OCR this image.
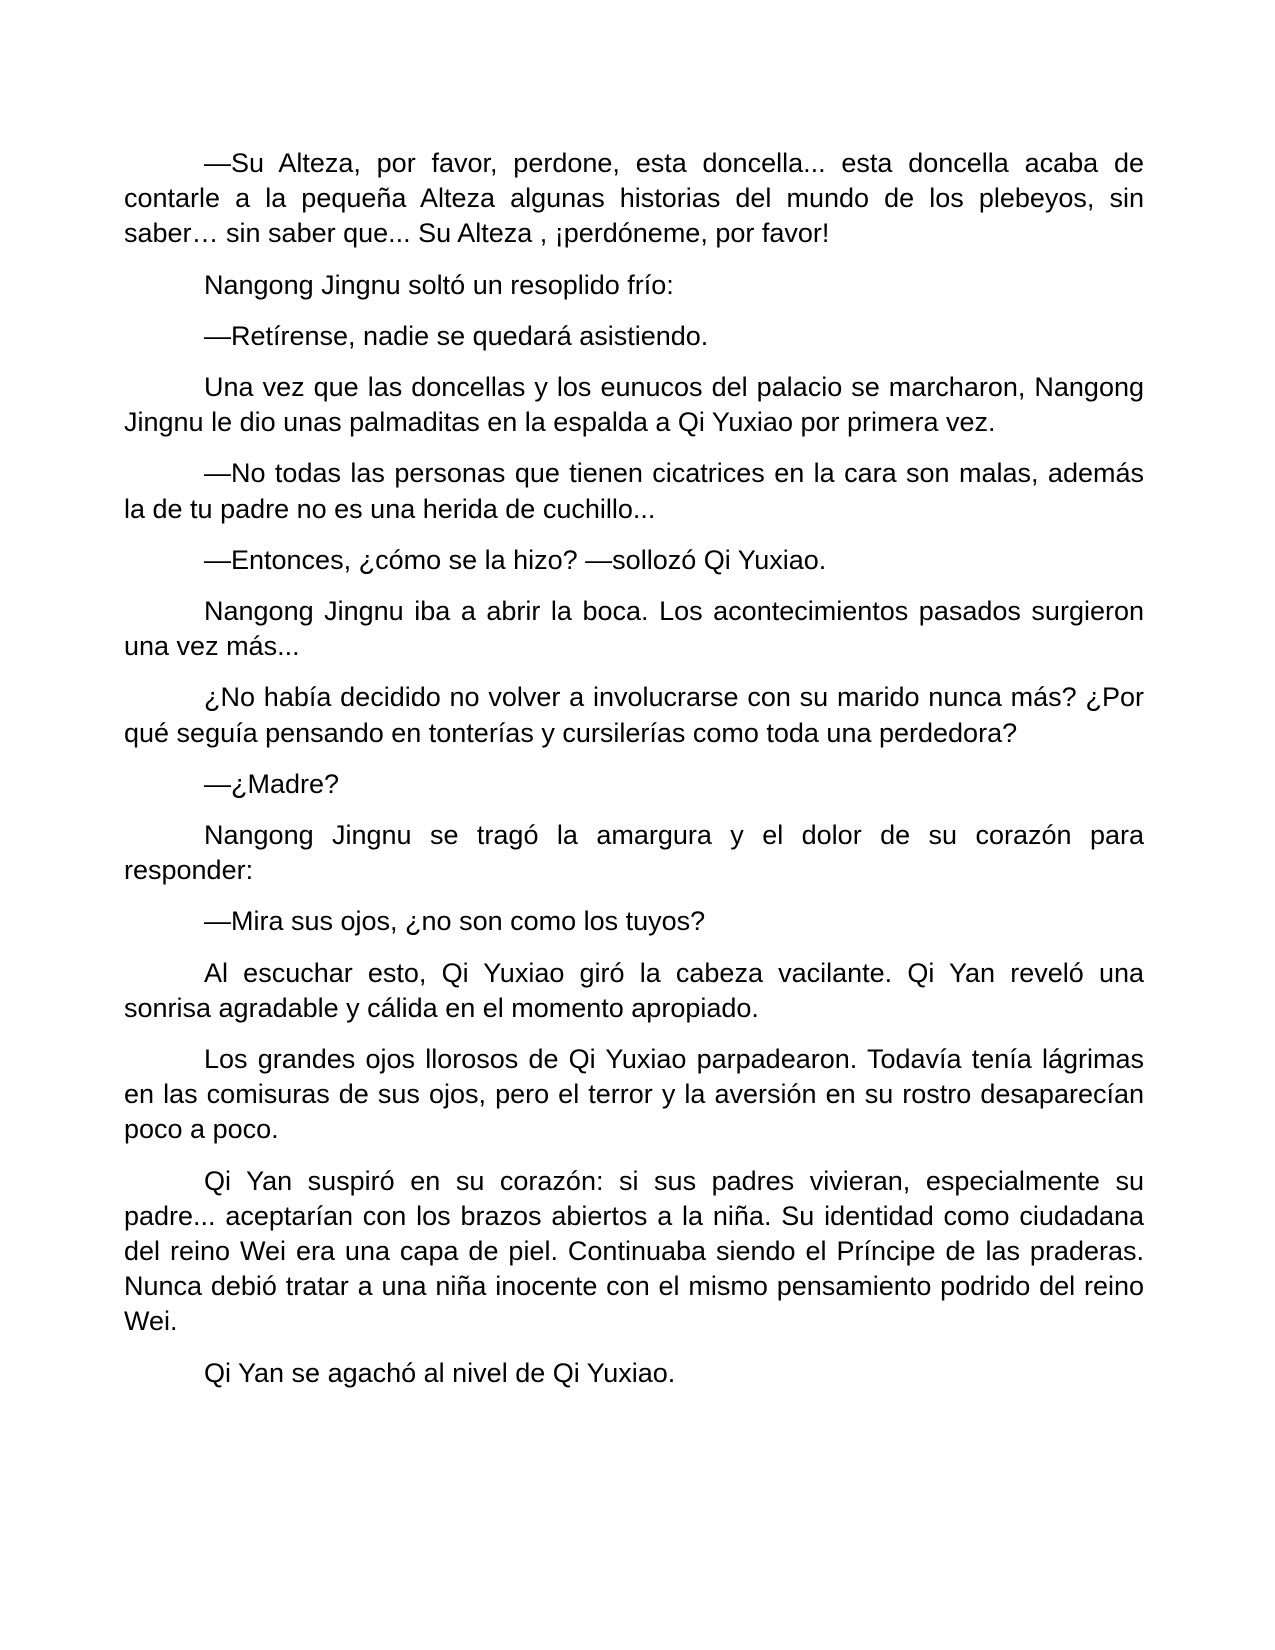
—Su Alteza, por favor, perdone, esta doncella... esta doncella acaba de contarle a la pequeña Alteza algunas historias del mundo de los plebeyos, sin saber… sin saber que... Su Alteza , ¡perdóneme, por favor!

Nangong Jingnu soltó un resoplido frío:

—Retírense, nadie se quedará asistiendo.

Una vez que las doncellas y los eunucos del palacio se marcharon, Nangong Jingnu le dio unas palmaditas en la espalda a Qi Yuxiao por primera vez.

—No todas las personas que tienen cicatrices en la cara son malas, además la de tu padre no es una herida de cuchillo...

—Entonces, ¿cómo se la hizo? —sollozó Qi Yuxiao.

Nangong Jingnu iba a abrir la boca. Los acontecimientos pasados surgieron una vez más...

¿No había decidido no volver a involucrarse con su marido nunca más? ¿Por qué seguía pensando en tonterías y cursilerías como toda una perdedora?

—¿Madre?

Nangong Jingnu se tragó la amargura y el dolor de su corazón para responder:

—Mira sus ojos, ¿no son como los tuyos?

Al escuchar esto, Qi Yuxiao giró la cabeza vacilante. Qi Yan reveló una sonrisa agradable y cálida en el momento apropiado.

Los grandes ojos llorosos de Qi Yuxiao parpadearon. Todavía tenía lágrimas en las comisuras de sus ojos, pero el terror y la aversión en su rostro desaparecían poco a poco.

Qi Yan suspiró en su corazón: si sus padres vivieran, especialmente su padre... aceptarían con los brazos abiertos a la niña. Su identidad como ciudadana del reino Wei era una capa de piel. Continuaba siendo el Príncipe de las praderas. Nunca debió tratar a una niña inocente con el mismo pensamiento podrido del reino Wei.

Qi Yan se agachó al nivel de Qi Yuxiao.
